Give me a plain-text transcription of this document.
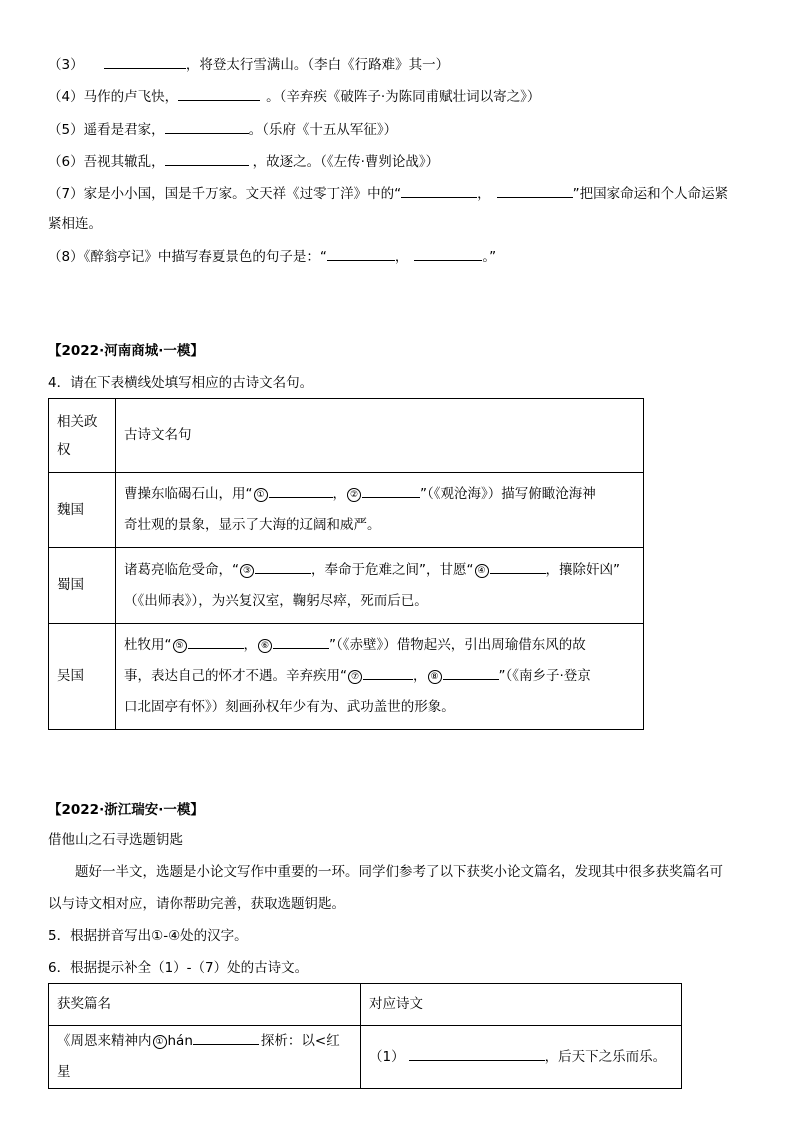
（3）	，将登太行雪满山。（李白《行路难》其一）
（4）马作的卢飞快，	。（辛弃疾《破阵子·为陈同甫赋壮词以寄之》）
（5）遥看是君家，	。（乐府《十五从军征》）
（6）吾视其辙乱，	，故逐之。（《左传·曹刿论战》）
（7）家是小小国，国是千万家。文天祥《过零丁洋》中的“	，	”把国家命运和个人命运紧
紧相连。
（8）《醉翁亭记》中描写春夏景色的句子是：“	，	。”
【2022·河南商城·一模】
4．请在下表横线处填写相应的古诗文名句。
相关政
权	古诗文名句
魏国	曹操东临碣石山，用“ ① ， ② ”（《观沧海》）描写俯瞰沧海神
奇壮观的景象，显示了大海的辽阔和威严。

蜀国	诸葛亮临危受命，“ ③ ，奉命于危难之间”，甘愿“ ④ ，攘除奸凶”
（《出师表》），为兴复汉室，鞠躬尽瘁，死而后已。

吴国	杜牧用“ ⑤ ， ⑥ ”（《赤壁》）借物起兴，引出周瑜借东风的故
事，表达自己的怀才不遇。辛弃疾用“ ⑦ ， ⑧ ”（《南乡子·登京
口北固亭有怀》）刻画孙权年少有为、武功盖世的形象。
【2022·浙江瑞安·一模】
借他山之石寻选题钥匙
题好一半文，选题是小论文写作中重要的一环。同学们参考了以下获奖小论文篇名，发现其中很多获奖篇名可
以与诗文相对应，请你帮助完善，获取选题钥匙。
5．根据拼音写出①-④处的汉字。
6．根据提示补全（1）-（7）处的古诗文。
获奖篇名	对应诗文
《周恩来精神内 ① hán 探析：以<红星	（1） ，后天下之乐而乐。
